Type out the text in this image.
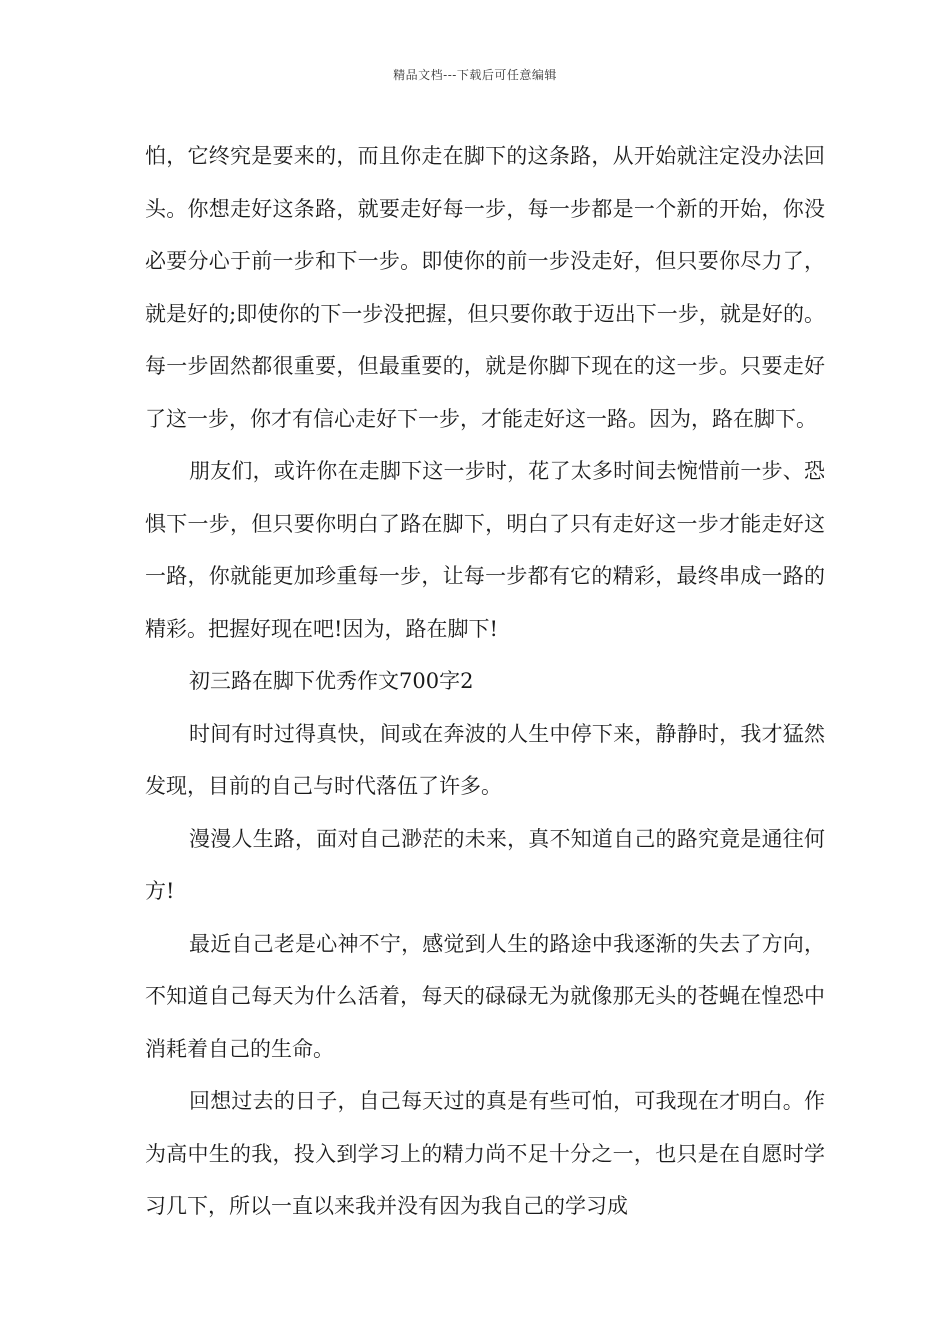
精品文档---下载后可任意编辑

怕，它终究是要来的，而且你走在脚下的这条路，从开始就注定没办法回头。你想走好这条路，就要走好每一步，每一步都是一个新的开始，你没必要分心于前一步和下一步。即使你的前一步没走好，但只要你尽力了，就是好的;即使你的下一步没把握，但只要你敢于迈出下一步，就是好的。每一步固然都很重要，但最重要的，就是你脚下现在的这一步。只要走好了这一步，你才有信心走好下一步，才能走好这一路。因为，路在脚下。

朋友们，或许你在走脚下这一步时，花了太多时间去惋惜前一步、恐惧下一步，但只要你明白了路在脚下，明白了只有走好这一步才能走好这一路，你就能更加珍重每一步，让每一步都有它的精彩，最终串成一路的精彩。把握好现在吧!因为，路在脚下!

初三路在脚下优秀作文700字2

时间有时过得真快，间或在奔波的人生中停下来，静静时，我才猛然发现，目前的自己与时代落伍了许多。

漫漫人生路，面对自己渺茫的未来，真不知道自己的路究竟是通往何方!

最近自己老是心神不宁，感觉到人生的路途中我逐渐的失去了方向，不知道自己每天为什么活着，每天的碌碌无为就像那无头的苍蝇在惶恐中消耗着自己的生命。

回想过去的日子，自己每天过的真是有些可怕，可我现在才明白。作为高中生的我，投入到学习上的精力尚不足十分之一，也只是在自愿时学习几下，所以一直以来我并没有因为我自己的学习成
